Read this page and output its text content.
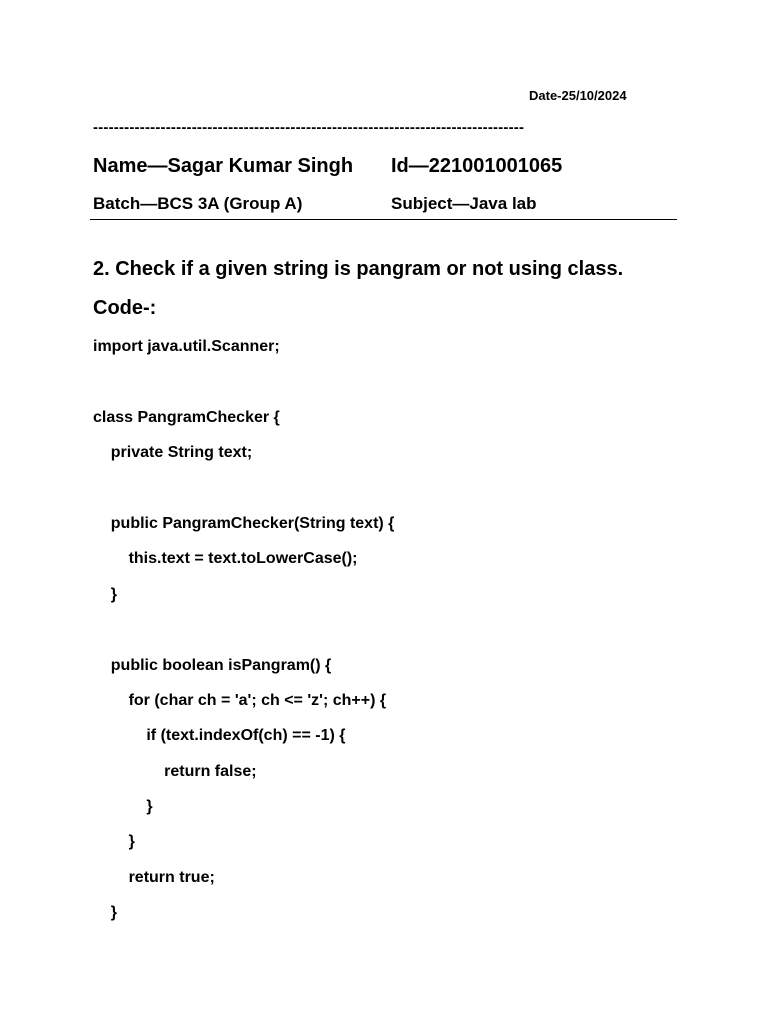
Date-25/10/2024
-----------------------------------------------------------------------------------
Name—Sagar Kumar Singh Id—221001001065
Batch—BCS 3A (Group A)	Subject—Java lab
2. Check if a given string is pangram or not using class.
Code-:
import java.util.Scanner;
class PangramChecker {
private String text;
public PangramChecker(String text) {
this.text = text.toLowerCase();
}
public boolean isPangram() {
for (char ch = 'a'; ch <= 'z'; ch++) {
if (text.indexOf(ch) == -1) {
return false;
}
}
return true;
}
